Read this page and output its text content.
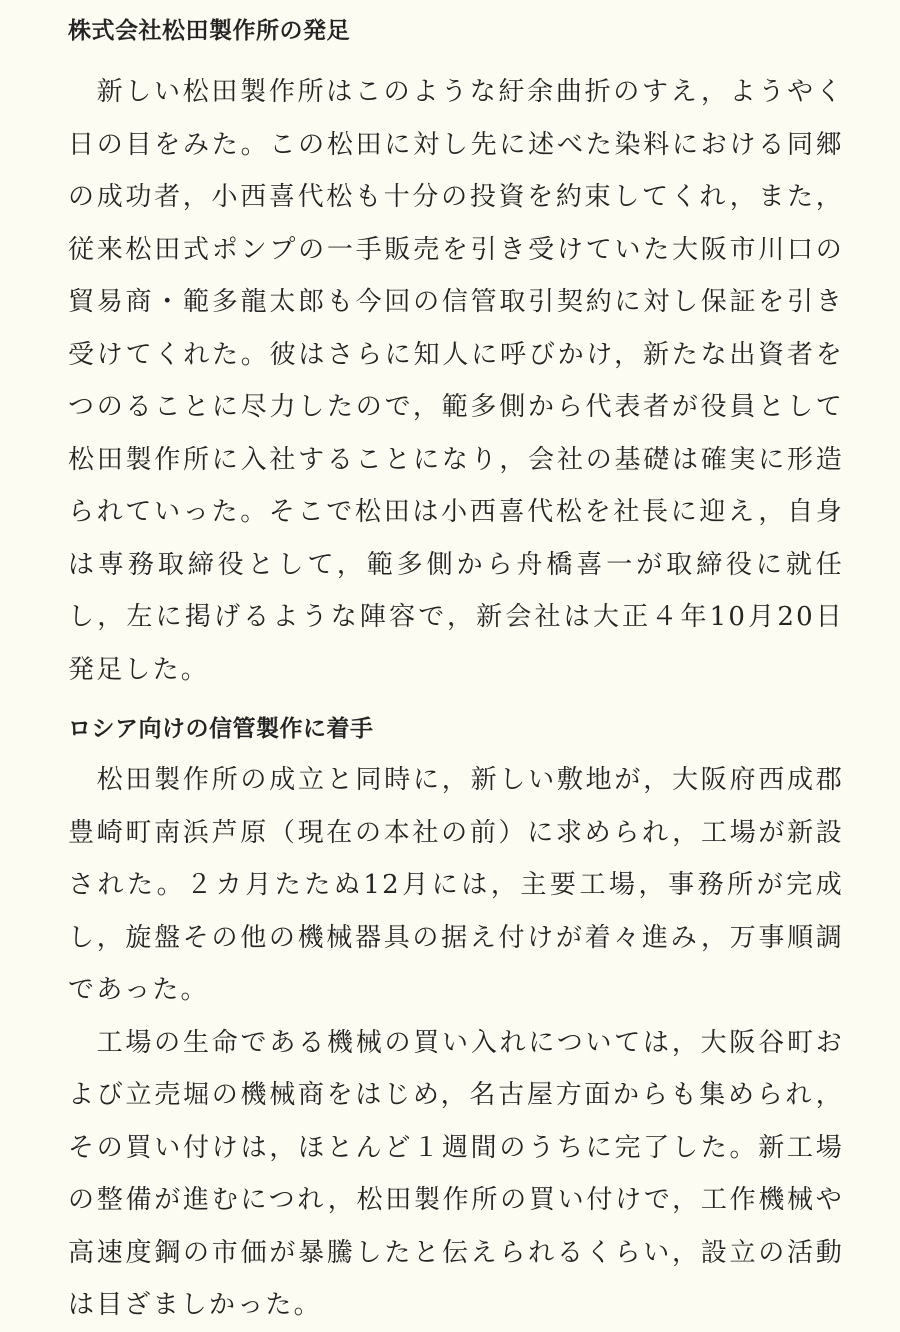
株式会社松田製作所の発足

新しい松田製作所はこのような紆余曲折のすえ，ようやく日の目をみた。この松田に対し先に述べた染料における同郷の成功者，小西喜代松も十分の投資を約束してくれ，また，従来松田式ポンプの一手販売を引き受けていた大阪市川口の貿易商・範多龍太郎も今回の信管取引契約に対し保証を引き受けてくれた。彼はさらに知人に呼びかけ，新たな出資者をつのることに尽力したので，範多側から代表者が役員として松田製作所に入社することになり，会社の基礎は確実に形造られていった。そこで松田は小西喜代松を社長に迎え，自身は専務取締役として，範多側から舟橋喜一が取締役に就任し，左に掲げるような陣容で，新会社は大正４年10月20日発足した。

ロシア向けの信管製作に着手

松田製作所の成立と同時に，新しい敷地が，大阪府西成郡豊崎町南浜芦原（現在の本社の前）に求められ，工場が新設された。２カ月たたぬ12月には，主要工場，事務所が完成し，旋盤その他の機械器具の据え付けが着々進み，万事順調であった。

工場の生命である機械の買い入れについては，大阪谷町および立売堀の機械商をはじめ，名古屋方面からも集められ，その買い付けは，ほとんど１週間のうちに完了した。新工場の整備が進むにつれ，松田製作所の買い付けで，工作機械や高速度鋼の市価が暴騰したと伝えられるくらい，設立の活動は目ざましかった。
